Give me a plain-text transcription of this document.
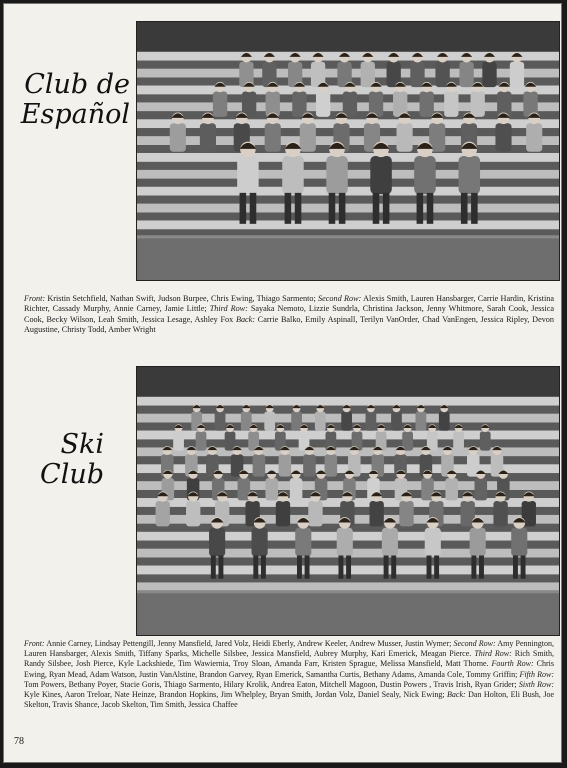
Club de
Español
Front: Kristin Setchfield, Nathan Swift, Judson Burpee, Chris Ewing, Thiago Sarmento; Second Row: Alexis Smith, Lauren Hansbarger, Carrie Hardin, Kristina Richter, Cassady Murphy, Annie Carney, Jamie Little; Third Row: Sayaka Nemoto, Lizzie Sundrla, Christina Jackson, Jenny Whitmore, Sarah Cook, Jessica Cook, Becky Wilson, Leah Smith, Jessica Lesage, Ashley Fox Back: Carrie Balko, Emily Aspinall, Terilyn VanOrder, Chad VanEngen, Jessica Ripley, Devon Augustine, Christy Todd, Amber Wright
Ski Club
Front: Annie Carney, Lindsay Pettengill, Jenny Mansfield, Jared Volz, Heidi Eberly, Andrew Keeler, Andrew Musser, Justin Wymer; Second Row: Amy Pennington, Lauren Hansbarger, Alexis Smith, Tiffany Sparks, Michelle Silsbee, Jessica Mansfield, Aubrey Murphy, Kari Emerick, Meagan Pierce. Third Row: Rich Smith, Randy Silsbee, Josh Pierce, Kyle Lackshiede, Tim Wawiernia, Troy Sloan, Amanda Farr, Kristen Sprague, Melissa Mansfield, Matt Thorne. Fourth Row: Chris Ewing, Ryan Mead, Adam Watson, Justin VanAlstine, Brandon Garvey, Ryan Emerick, Samantha Curtis, Bethany Adams, Amanda Cole, Tommy Griffin; Fifth Row: Tom Powers, Bethany Poyer, Stacie Goris, Thiago Sarmento, Hilary Krolik, Andrea Eaton, Mitchell Magoon, Dustin Powers , Travis Irish, Ryan Grider; Sixth Row: Kyle Kines, Aaron Treloar, Nate Heinze, Brandon Hopkins, Jim Whelpley, Bryan Smith, Jordan Volz, Daniel Sealy, Nick Ewing; Back: Dan Holton, Eli Bush, Joe Skelton, Travis Shance, Jacob Skelton, Tim Smith, Jessica Chaffee
78
